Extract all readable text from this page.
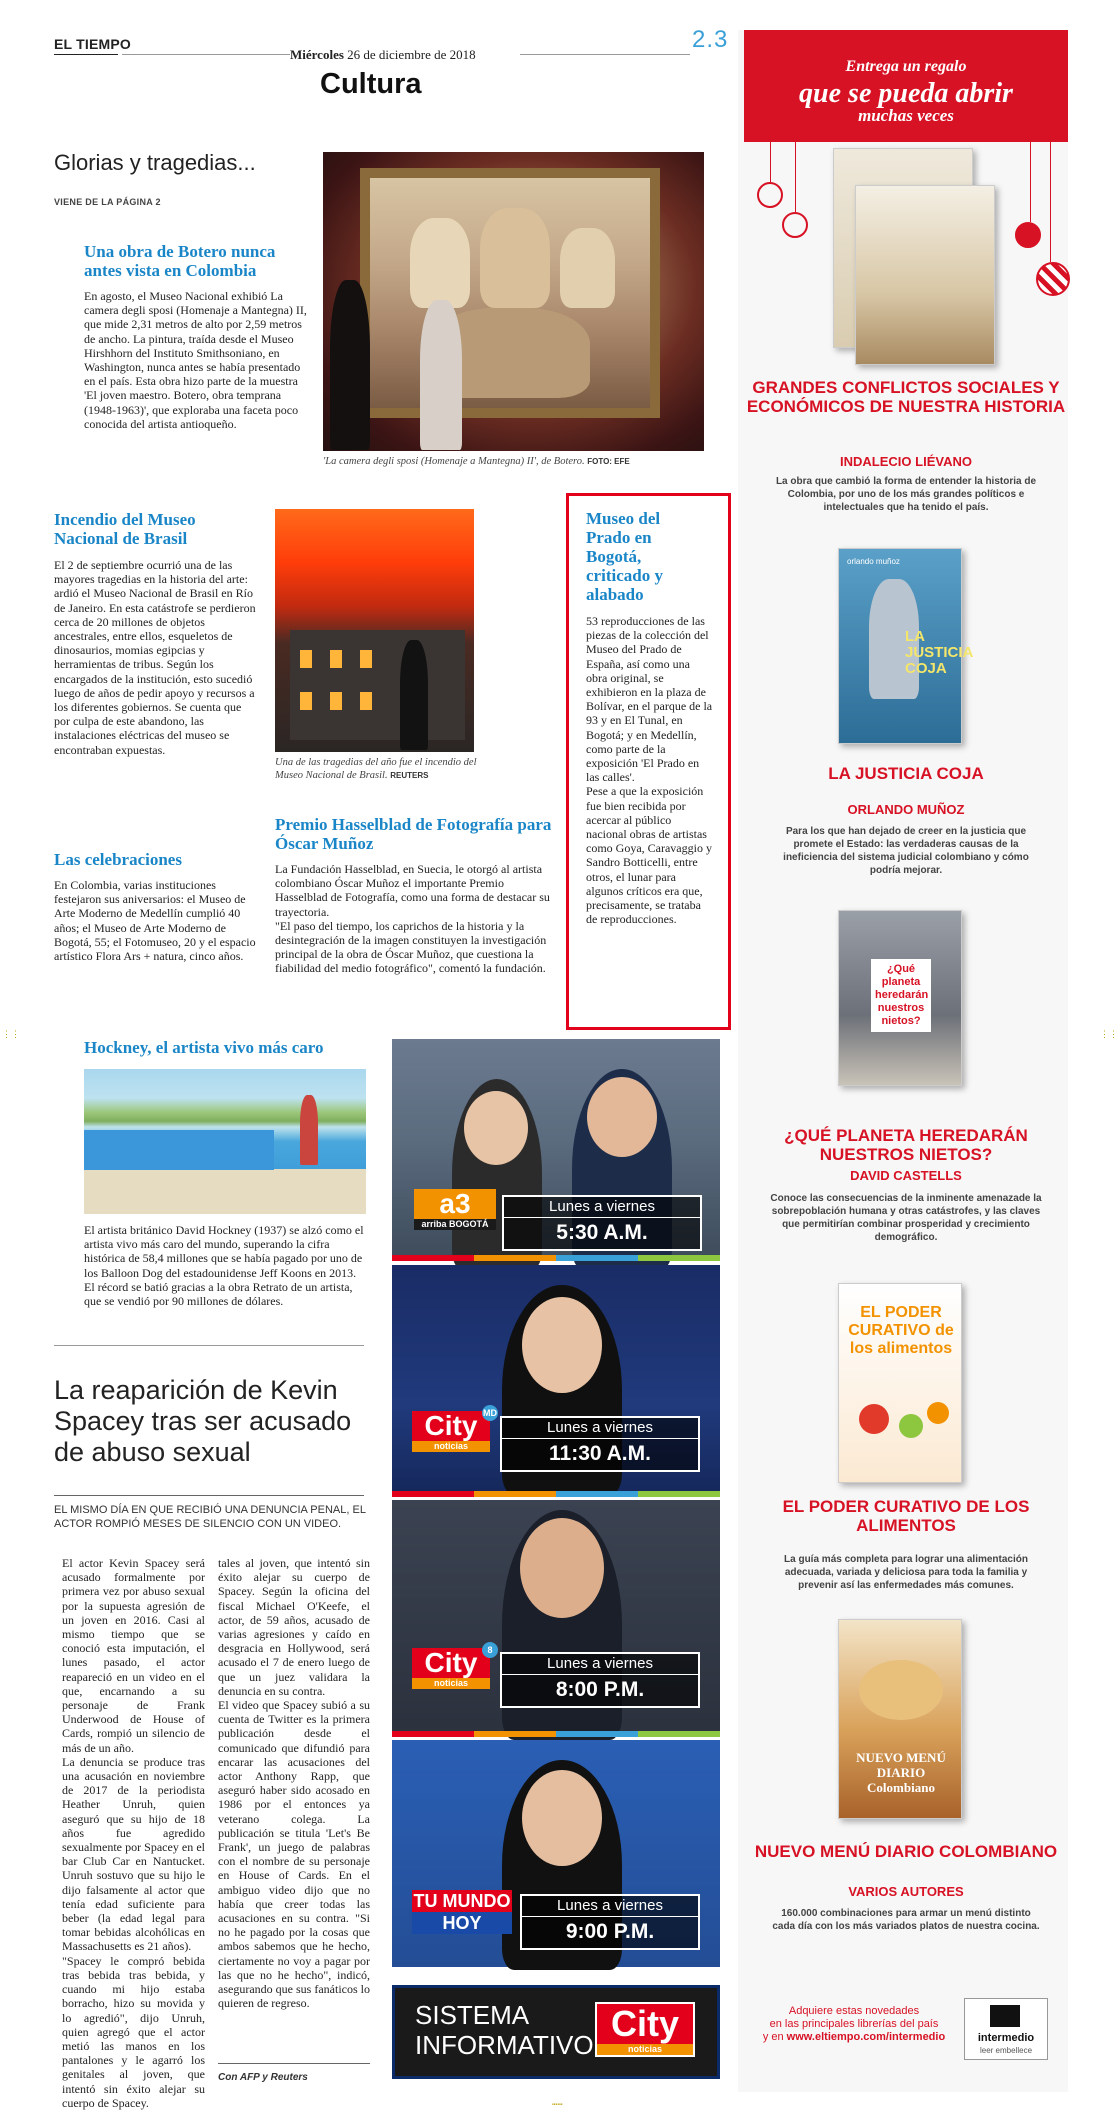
EL TIEMPO
Miércoles 26 de diciembre de 2018
2.3
Cultura
Glorias y tragedias...
VIENE DE LA PÁGINA 2
Una obra de Botero nunca antes vista en Colombia
En agosto, el Museo Nacional exhibió La camera degli sposi (Homenaje a Mantegna) II, que mide 2,31 metros de alto por 2,59 metros de ancho. La pintura, traída desde el Museo Hirshhorn del Instituto Smithsoniano, en Washington, nunca antes se había presentado en el país. Esta obra hizo parte de la muestra 'El joven maestro. Botero, obra temprana (1948-1963)', que exploraba una faceta poco conocida del artista antioqueño.
'La camera degli sposi (Homenaje a Mantegna) II', de Botero. FOTO: EFE
Incendio del Museo Nacional de Brasil
El 2 de septiembre ocurrió una de las mayores tragedias en la historia del arte: ardió el Museo Nacional de Brasil en Río de Janeiro. En esta catástrofe se perdieron cerca de 20 millones de objetos ancestrales, entre ellos, esqueletos de dinosaurios, momias egipcias y herramientas de tribus. Según los encargados de la institución, esto sucedió luego de años de pedir apoyo y recursos a los diferentes gobiernos. Se cuenta que por culpa de este abandono, las instalaciones eléctricas del museo se encontraban expuestas.
Una de las tragedias del año fue el incendio del Museo Nacional de Brasil. REUTERS
Las celebraciones
En Colombia, varias instituciones festejaron sus aniversarios: el Museo de Arte Moderno de Medellín cumplió 40 años; el Museo de Arte Moderno de Bogotá, 55; el Fotomuseo, 20 y el espacio artístico Flora Ars + natura, cinco años.
Premio Hasselblad de Fotografía para Óscar Muñoz
La Fundación Hasselblad, en Suecia, le otorgó al artista colombiano Óscar Muñoz el importante Premio Hasselblad de Fotografía, como una forma de destacar su trayectoria.
"El paso del tiempo, los caprichos de la historia y la desintegración de la imagen constituyen la investigación principal de la obra de Óscar Muñoz, que cuestiona la fiabilidad del medio fotográfico", comentó la fundación.
Museo del Prado en Bogotá, criticado y alabado
53 reproducciones de las piezas de la colección del Museo del Prado de España, así como una obra original, se exhibieron en la plaza de Bolívar, en el parque de la 93 y en El Tunal, en Bogotá; y en Medellín, como parte de la exposición 'El Prado en las calles'.
Pese a que la exposición fue bien recibida por acercar al público nacional obras de artistas como Goya, Caravaggio y Sandro Botticelli, entre otros, el lunar para algunos críticos era que, precisamente, se trataba de reproducciones.
Hockney, el artista vivo más caro
El artista británico David Hockney (1937) se alzó como el artista vivo más caro del mundo, superando la cifra histórica de 58,4 millones que se había pagado por uno de los Balloon Dog del estadounidense Jeff Koons en 2013. El récord se batió gracias a la obra Retrato de un artista, que se vendió por 90 millones de dólares.
La reaparición de Kevin Spacey tras ser acusado de abuso sexual
EL MISMO DÍA EN QUE RECIBIÓ UNA DENUNCIA PENAL, EL ACTOR ROMPIÓ MESES DE SILENCIO CON UN VIDEO.
El actor Kevin Spacey será acusado formalmente por primera vez por abuso sexual por la supuesta agresión de un joven en 2016. Casi al mismo tiempo que se conoció esta imputación, el lunes pasado, el actor reapareció en un video en el que, encarnando a su personaje de Frank Underwood de House of Cards, rompió un silencio de más de un año.
La denuncia se produce tras una acusación en noviembre de 2017 de la periodista Heather Unruh, quien aseguró que su hijo de 18 años fue agredido sexualmente por Spacey en el bar Club Car en Nantucket. Unruh sostuvo que su hijo le dijo falsamente al actor que tenía edad suficiente para beber (la edad legal para tomar bebidas alcohólicas en Massachusetts es 21 años).
"Spacey le compró bebida tras bebida tras bebida, y cuando mi hijo estaba borracho, hizo su movida y lo agredió", dijo Unruh, quien agregó que el actor metió las manos en los pantalones y le agarró los genitales al joven, que intentó sin éxito alejar su cuerpo de Spacey.
tales al joven, que intentó sin éxito alejar su cuerpo de Spacey. Según la oficina del fiscal Michael O'Keefe, el actor, de 59 años, acusado de varias agresiones y caído en desgracia en Hollywood, será acusado el 7 de enero luego de que un juez validara la denuncia en su contra.
El video que Spacey subió a su cuenta de Twitter es la primera publicación desde el comunicado que difundió para encarar las acusaciones del actor Anthony Rapp, que aseguró haber sido acosado en 1986 por el entonces ya veterano colega. La publicación se titula 'Let's Be Frank', un juego de palabras con el nombre de su personaje en House of Cards. En el ambiguo video dijo que no había que creer todas las acusaciones en su contra. "Si no he pagado por la cosas que ambos sabemos que he hecho, ciertamente no voy a pagar por las que no he hecho", indicó, asegurando que sus fanáticos lo quieren de regreso.
Con AFP y Reuters
a3
arriba BOGOTÁ
Lunes a viernes
5:30 A.M.
City
noticias
MD
Lunes a viernes
11:30 A.M.
City
noticias
8
Lunes a viernes
8:00 P.M.
TU MUNDO
HOY
Lunes a viernes
9:00 P.M.
SISTEMA
INFORMATIVO
City
noticias
Entrega un regalo
que se pueda abrir
muchas veces
GRANDES CONFLICTOS SOCIALES Y ECONÓMICOS DE NUESTRA HISTORIA
INDALECIO LIÉVANO
La obra que cambió la forma de entender la historia de Colombia, por uno de los más grandes políticos e intelectuales que ha tenido el país.
orlando muñoz
LA JUSTICIA COJA
LA JUSTICIA COJA
ORLANDO MUÑOZ
Para los que han dejado de creer en la justicia que promete el Estado: las verdaderas causas de la ineficiencia del sistema judicial colombiano y cómo podría mejorar.
¿Qué planeta heredarán nuestros nietos?
¿QUÉ PLANETA HEREDARÁN NUESTROS NIETOS?
DAVID CASTELLS
Conoce las consecuencias de la inminente amenazade la sobrepoblación humana y otras catástrofes, y las claves que permitirían combinar prosperidad y crecimiento demográfico.
EL PODER CURATIVO de los alimentos
EL PODER CURATIVO DE LOS ALIMENTOS
La guía más completa para lograr una alimentación adecuada, variada y deliciosa para toda la familia y prevenir así las enfermedades más comunes.
NUEVO MENÚ DIARIO Colombiano
NUEVO MENÚ DIARIO COLOMBIANO
VARIOS AUTORES
160.000 combinaciones para armar un menú distinto cada día con los más variados platos de nuestra cocina.
Adquiere estas novedades
en las principales librerías del país
y en www.eltiempo.com/intermedio	intermedio
leer embellece
⋮⋮	⋮⋮
⋯⋯
